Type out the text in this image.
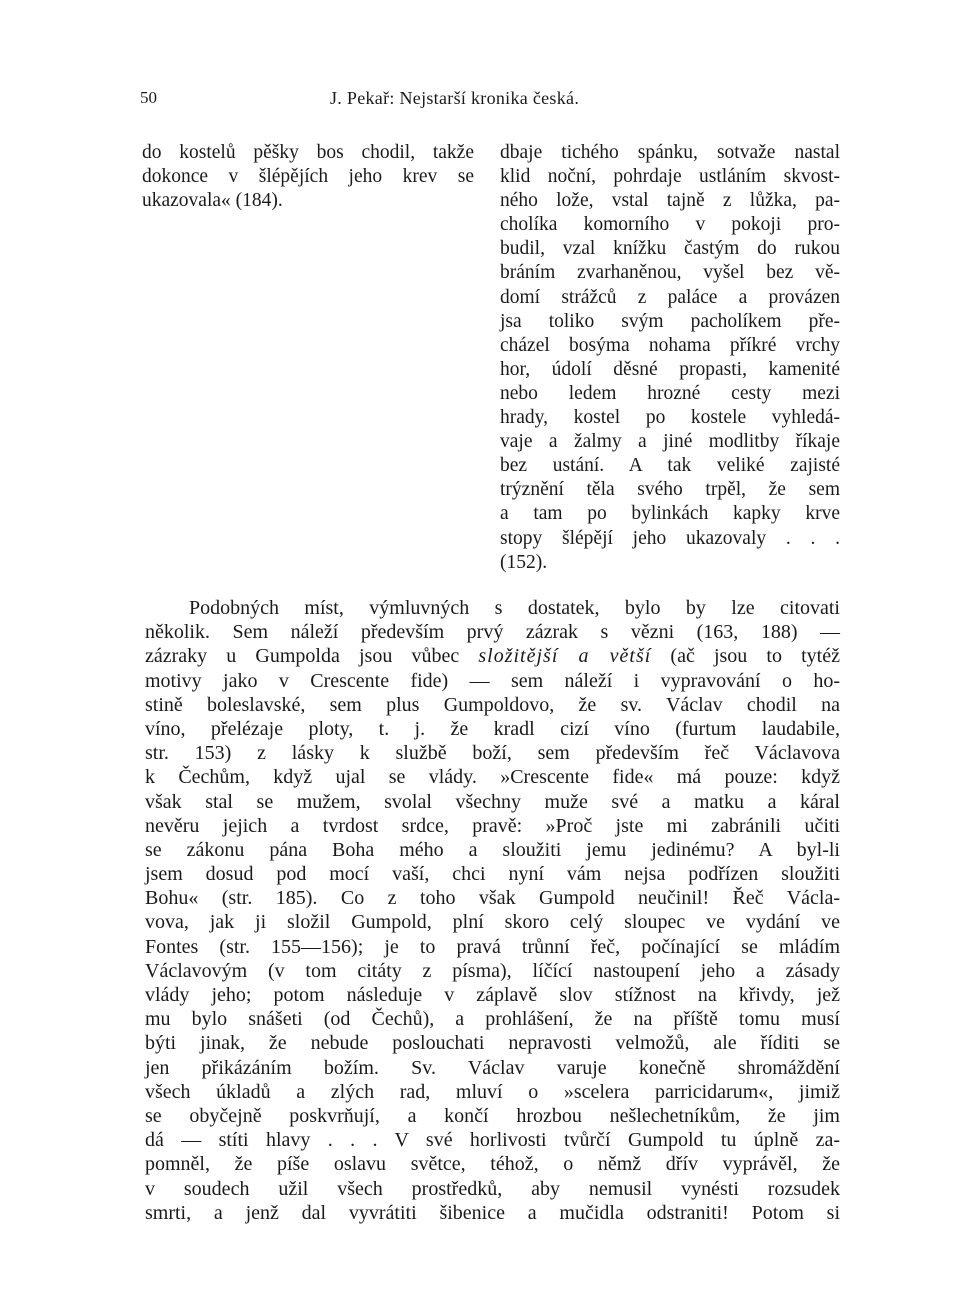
50	J. Pekař: Nejstarší kronika česká.
do kostelů pěšky bos chodil, takže
dokonce v šlépějích jeho krev se
ukazovala« (184).
dbaje tichého spánku, sotvaže nastal
klid noční, pohrdaje ustláním skvost-
ného lože, vstal tajně z lůžka, pa-
cholíka komorního v pokoji pro-
budil, vzal knížku častým do rukou
bráním zvarhaněnou, vyšel bez vě-
domí strážců z paláce a provázen
jsa toliko svým pacholíkem pře-
cházel bosýma nohama příkré vrchy
hor, údolí děsné propasti, kamenité
nebo ledem hrozné cesty mezi
hrady, kostel po kostele vyhledá-
vaje a žalmy a jiné modlitby říkaje
bez ustání. A tak veliké zajisté
trýznění těla svého trpěl, že sem
a tam po bylinkách kapky krve
stopy šlépějí jeho ukazovaly . . .
(152).
Podobných míst, výmluvných s dostatek, bylo by lze citovati
několik. Sem náleží především prvý zázrak s vězni (163, 188) —
zázraky u Gumpolda jsou vůbec složitější a větší (ač jsou to tytéž
motivy jako v Crescente fide) — sem náleží i vypravování o ho-
stině boleslavské, sem plus Gumpoldovo, že sv. Václav chodil na
víno, přelézaje ploty, t. j. že kradl cizí víno (furtum laudabile,
str. 153) z lásky k službě boží, sem především řeč Václavova
k Čechům, když ujal se vlády. »Crescente fide« má pouze: když
však stal se mužem, svolal všechny muže své a matku a káral
nevěru jejich a tvrdost srdce, pravě: »Proč jste mi zabránili učiti
se zákonu pána Boha mého a sloužiti jemu jedinému? A byl-li
jsem dosud pod mocí vaší, chci nyní vám nejsa podřízen sloužiti
Bohu« (str. 185). Co z toho však Gumpold neučinil! Řeč Václa-
vova, jak ji složil Gumpold, plní skoro celý sloupec ve vydání ve
Fontes (str. 155—156); je to pravá trůnní řeč, počínající se mládím
Václavovým (v tom citáty z písma), líčící nastoupení jeho a zásady
vlády jeho; potom následuje v záplavě slov stížnost na křivdy, jež
mu bylo snášeti (od Čechů), a prohlášení, že na příště tomu musí
býti jinak, že nebude poslouchati nepravosti velmožů, ale říditi se
jen přikázáním božím. Sv. Václav varuje konečně shromáždění
všech úkladů a zlých rad, mluví o »scelera parricidarum«, jimiž
se obyčejně poskvrňují, a končí hrozbou nešlechetníkům, že jim
dá — stíti hlavy . . . V své horlivosti tvůrčí Gumpold tu úplně za-
pomněl, že píše oslavu světce, téhož, o němž dřív vyprávěl, že
v soudech užil všech prostředků, aby nemusil vynésti rozsudek
smrti, a jenž dal vyvrátiti šibenice a mučidla odstraniti! Potom si
